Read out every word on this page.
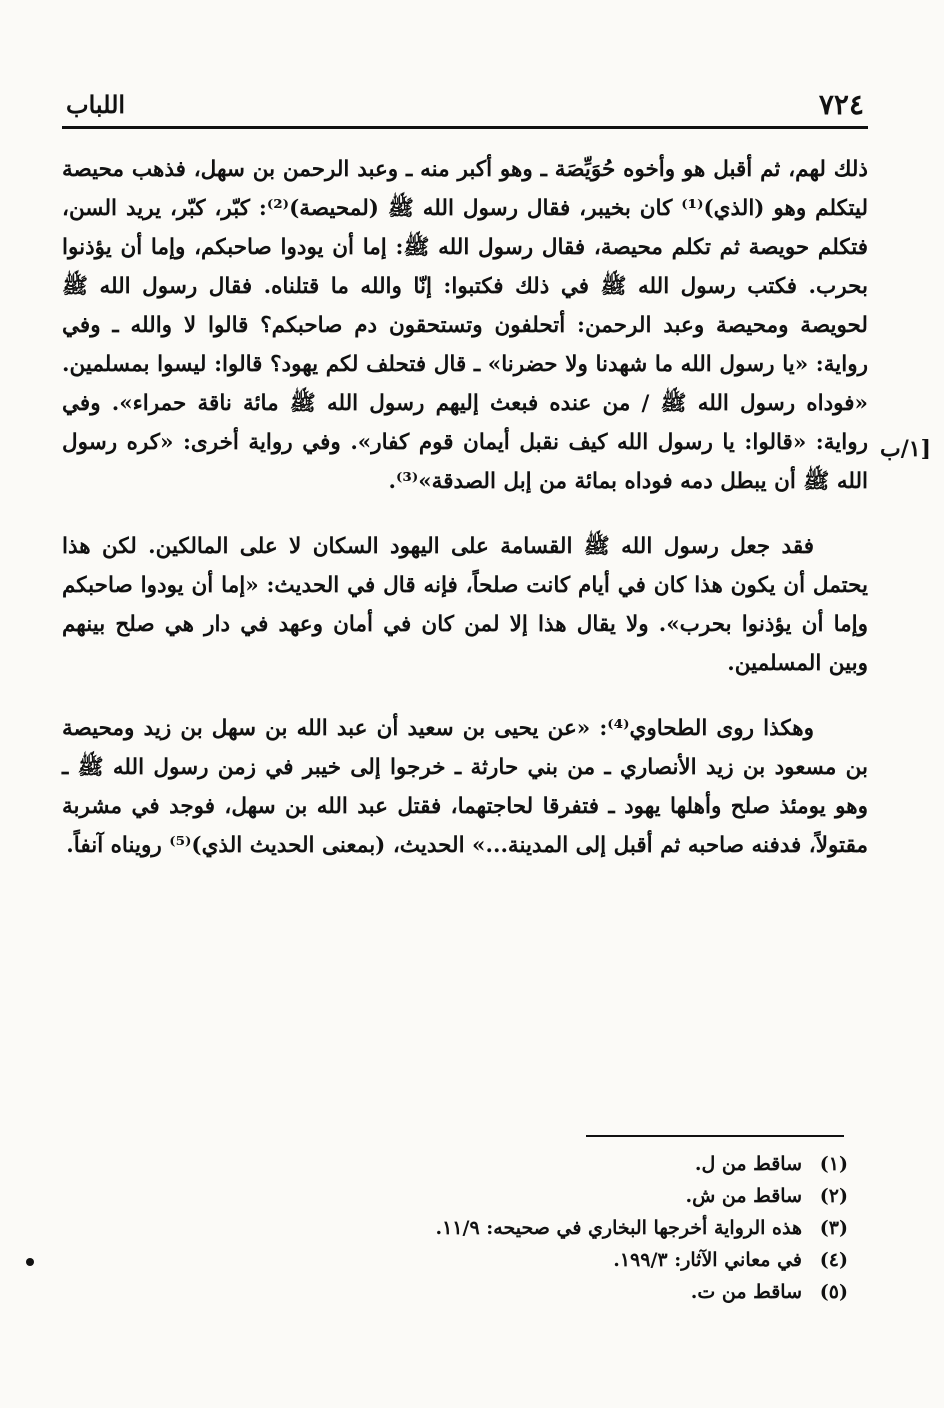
٧٢٤
اللباب
١/ب]

ذلك لهم، ثم أقبل هو وأخوه حُوَيِّصَة ـ وهو أكبر منه ـ وعبد الرحمن بن سهل، فذهب محيصة ليتكلم وهو (الذي)⁽¹⁾ كان بخيبر، فقال رسول الله ﷺ (لمحيصة)⁽²⁾: كبّر، كبّر، يريد السن، فتكلم حويصة ثم تكلم محيصة، فقال رسول الله ﷺ: إما أن يودوا صاحبكم، وإما أن يؤذنوا بحرب. فكتب رسول الله ﷺ في ذلك فكتبوا: إنّا والله ما قتلناه. فقال رسول الله ﷺ لحويصة ومحيصة وعبد الرحمن: أتحلفون وتستحقون دم صاحبكم؟ قالوا لا والله ـ وفي رواية: «يا رسول الله ما شهدنا ولا حضرنا» ـ قال فتحلف لكم يهود؟ قالوا: ليسوا بمسلمين. «فوداه رسول الله ﷺ / من عنده فبعث إليهم رسول الله ﷺ مائة ناقة حمراء». وفي رواية: «قالوا: يا رسول الله كيف نقبل أيمان قوم كفار». وفي رواية أخرى: «كره رسول الله ﷺ أن يبطل دمه فوداه بمائة من إبل الصدقة»⁽³⁾.

فقد جعل رسول الله ﷺ القسامة على اليهود السكان لا على المالكين. لكن هذا يحتمل أن يكون هذا كان في أيام كانت صلحاً، فإنه قال في الحديث: «إما أن يودوا صاحبكم وإما أن يؤذنوا بحرب». ولا يقال هذا إلا لمن كان في أمان وعهد في دار هي صلح بينهم وبين المسلمين.

وهكذا روى الطحاوي⁽⁴⁾: «عن يحيى بن سعيد أن عبد الله بن سهل بن زيد ومحيصة بن مسعود بن زيد الأنصاري ـ من بني حارثة ـ خرجوا إلى خيبر في زمن رسول الله ﷺ ـ وهو يومئذ صلح وأهلها يهود ـ فتفرقا لحاجتهما، فقتل عبد الله بن سهل، فوجد في مشربة مقتولاً، فدفنه صاحبه ثم أقبل إلى المدينة...» الحديث، (بمعنى الحديث الذي)⁽⁵⁾ رويناه آنفاً.

(١)
ساقط من ل.
(٢)
ساقط من ش.
(٣)
هذه الرواية أخرجها البخاري في صحيحه: ١١/٩.
(٤)
في معاني الآثار: ١٩٩/٣.
(٥)
ساقط من ت.
